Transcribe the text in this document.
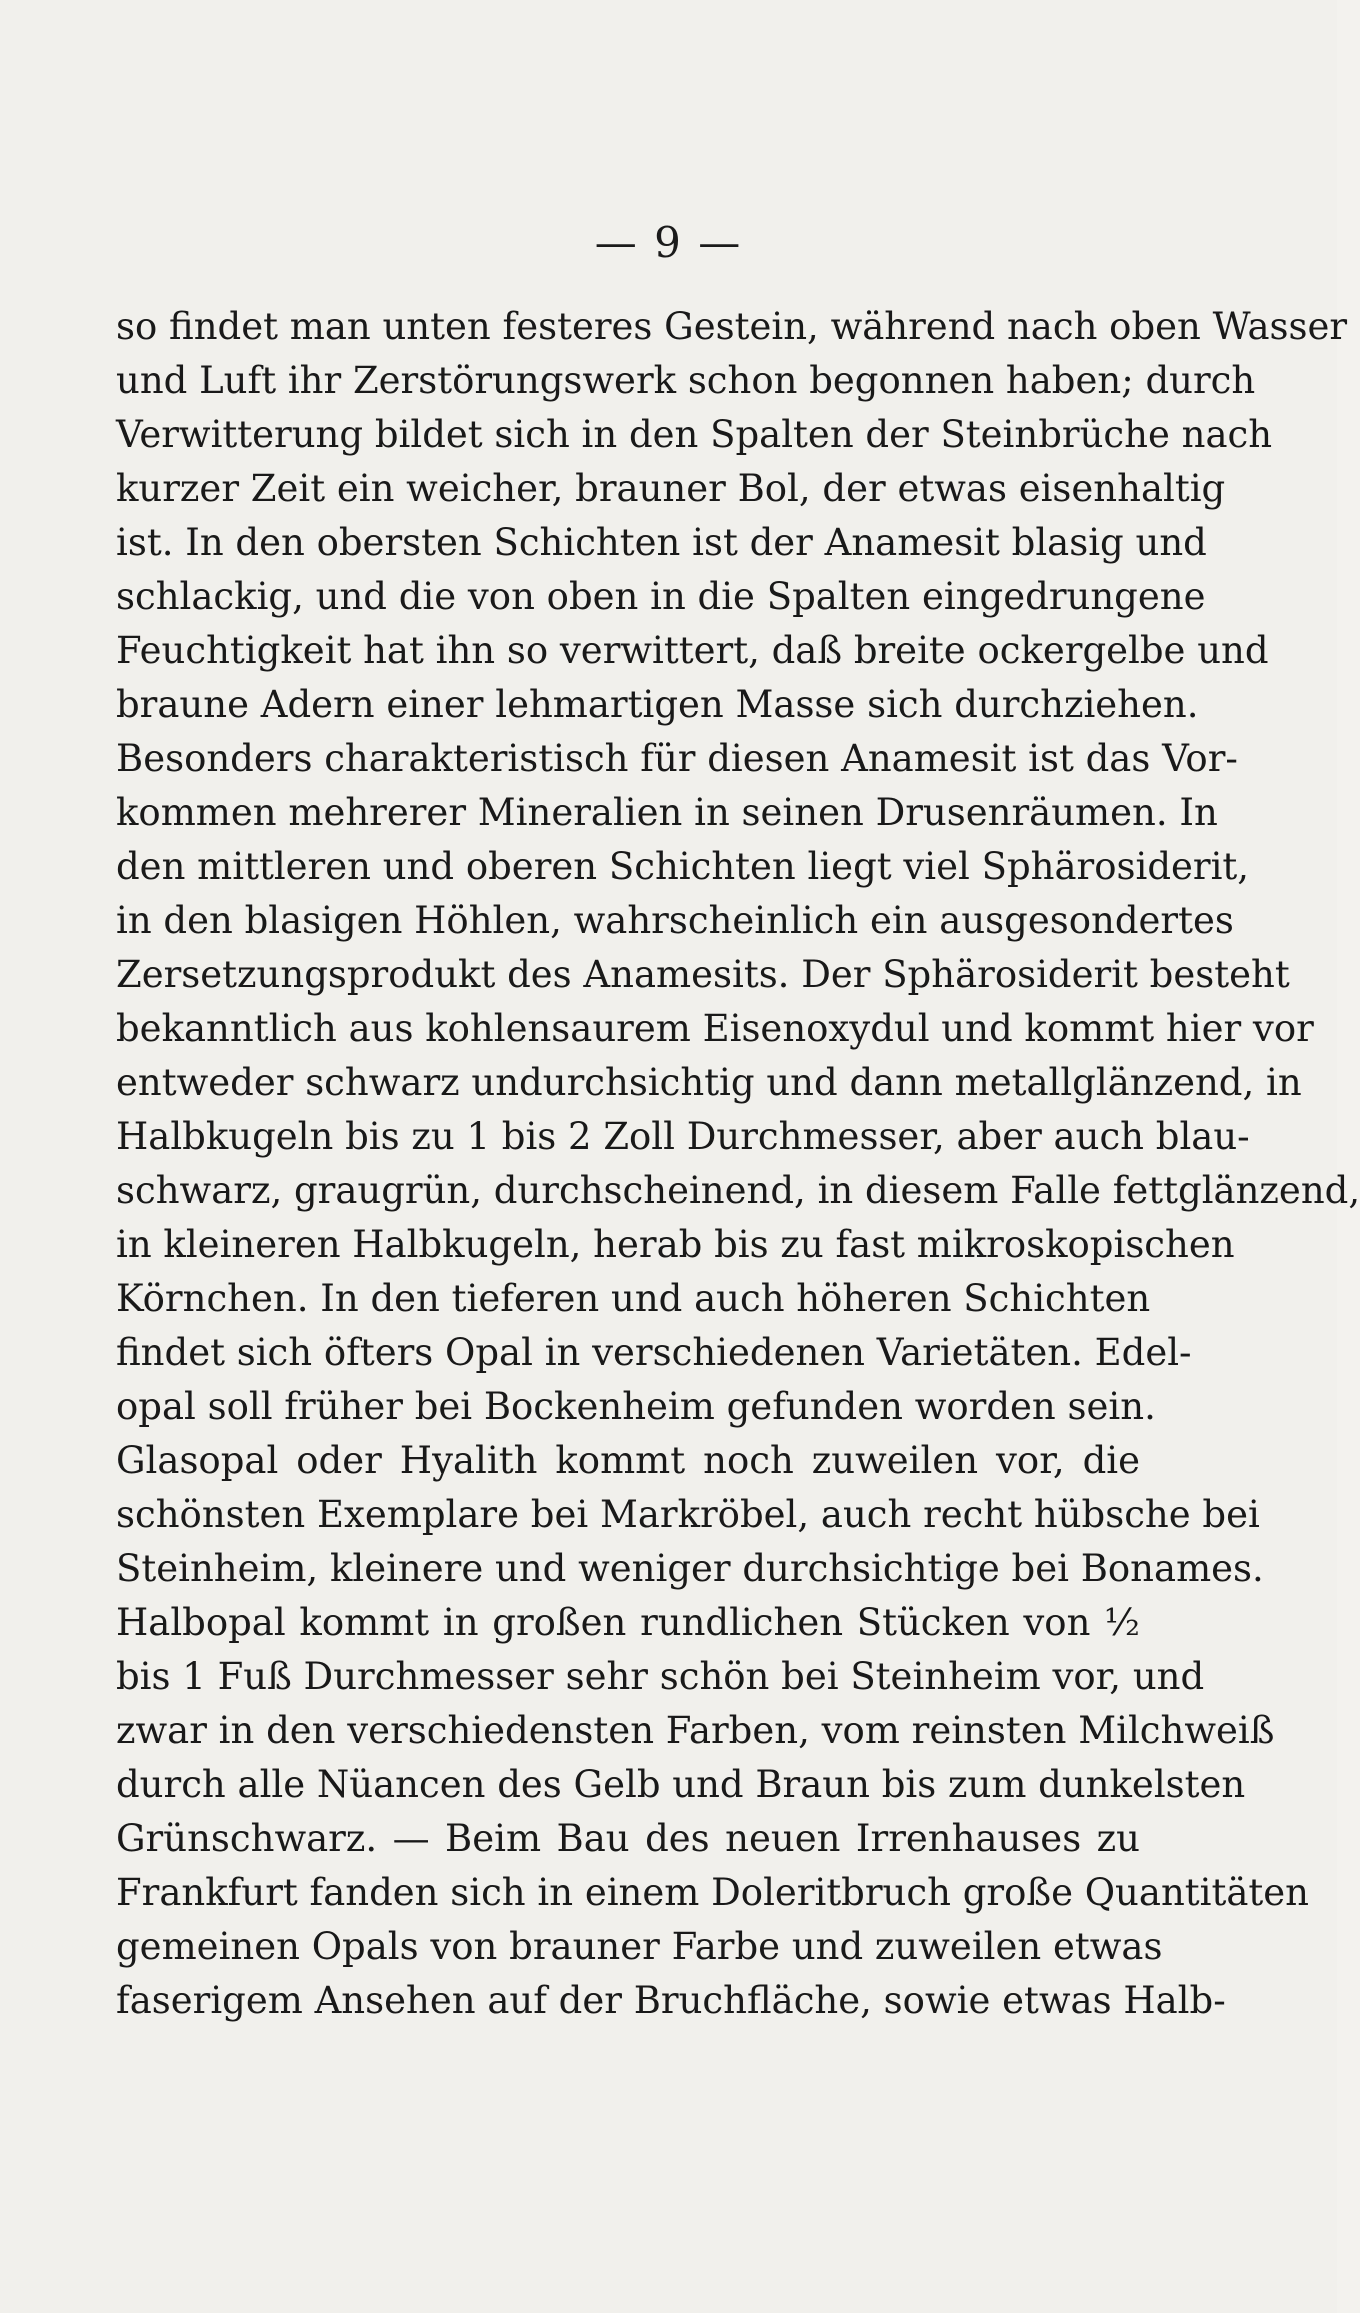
— 9 —
so findet man unten festeres Gestein, während nach oben Wasser
und Luft ihr Zerstörungswerk schon begonnen haben; durch
Verwitterung bildet sich in den Spalten der Steinbrüche nach
kurzer Zeit ein weicher, brauner Bol, der etwas eisenhaltig
ist. In den obersten Schichten ist der Anamesit blasig und
schlackig, und die von oben in die Spalten eingedrungene
Feuchtigkeit hat ihn so verwittert, daß breite ockergelbe und
braune Adern einer lehmartigen Masse sich durchziehen.
Besonders charakteristisch für diesen Anamesit ist das Vor-
kommen mehrerer Mineralien in seinen Drusenräumen. In
den mittleren und oberen Schichten liegt viel Sphärosiderit,
in den blasigen Höhlen, wahrscheinlich ein ausgesondertes
Zersetzungsprodukt des Anamesits. Der Sphärosiderit besteht
bekanntlich aus kohlensaurem Eisenoxydul und kommt hier vor
entweder schwarz undurchsichtig und dann metallglänzend, in
Halbkugeln bis zu 1 bis 2 Zoll Durchmesser, aber auch blau-
schwarz, graugrün, durchscheinend, in diesem Falle fettglänzend,
in kleineren Halbkugeln, herab bis zu fast mikroskopischen
Körnchen. In den tieferen und auch höheren Schichten
findet sich öfters Opal in verschiedenen Varietäten. Edel-
opal soll früher bei Bockenheim gefunden worden sein.
Glasopal oder Hyalith kommt noch zuweilen vor, die
schönsten Exemplare bei Markröbel, auch recht hübsche bei
Steinheim, kleinere und weniger durchsichtige bei Bonames.
Halbopal kommt in großen rundlichen Stücken von ½
bis 1 Fuß Durchmesser sehr schön bei Steinheim vor, und
zwar in den verschiedensten Farben, vom reinsten Milchweiß
durch alle Nüancen des Gelb und Braun bis zum dunkelsten
Grünschwarz. — Beim Bau des neuen Irrenhauses zu
Frankfurt fanden sich in einem Doleritbruch große Quantitäten
gemeinen Opals von brauner Farbe und zuweilen etwas
faserigem Ansehen auf der Bruchfläche, sowie etwas Halb-
